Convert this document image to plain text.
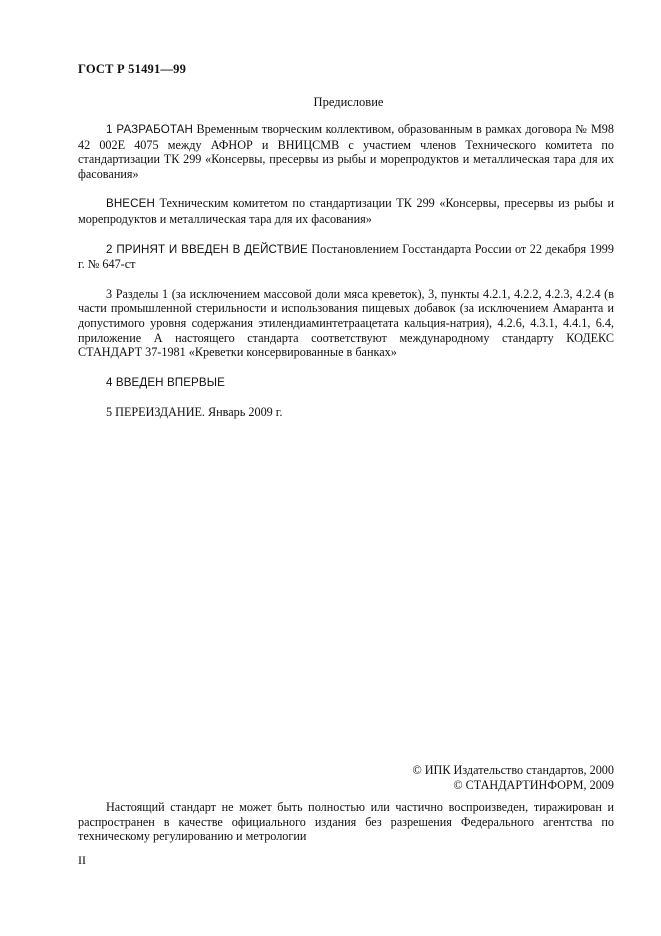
ГОСТ Р 51491—99
Предисловие

1 РАЗРАБОТАН Временным творческим коллективом, образованным в рамках договора № М98 42 002Е 4075 между АФНОР и ВНИЦСМВ с участием членов Технического комитета по стандартизации ТК 299 «Консервы, пресервы из рыбы и морепродуктов и металлическая тара для их фасования»

ВНЕСЕН Техническим комитетом по стандартизации ТК 299 «Консервы, пресервы из рыбы и морепродуктов и металлическая тара для их фасования»

2 ПРИНЯТ И ВВЕДЕН В ДЕЙСТВИЕ Постановлением Госстандарта России от 22 декабря 1999 г. № 647-ст

3 Разделы 1 (за исключением массовой доли мяса креветок), 3, пункты 4.2.1, 4.2.2, 4.2.3, 4.2.4 (в части промышленной стерильности и использования пищевых добавок (за исключением Амаранта и допустимого уровня содержания этилендиаминтетраацетата кальция-натрия), 4.2.6, 4.3.1, 4.4.1, 6.4, приложение А настоящего стандарта соответствуют международному стандарту КОДЕКС СТАНДАРТ 37-1981 «Креветки консервированные в банках»

4 ВВЕДЕН ВПЕРВЫЕ

5 ПЕРЕИЗДАНИЕ. Январь 2009 г.

© ИПК Издательство стандартов, 2000
© СТАНДАРТИНФОРМ, 2009

Настоящий стандарт не может быть полностью или частично воспроизведен, тиражирован и распространен в качестве официального издания без разрешения Федерального агентства по техническому регулированию и метрологии

II
